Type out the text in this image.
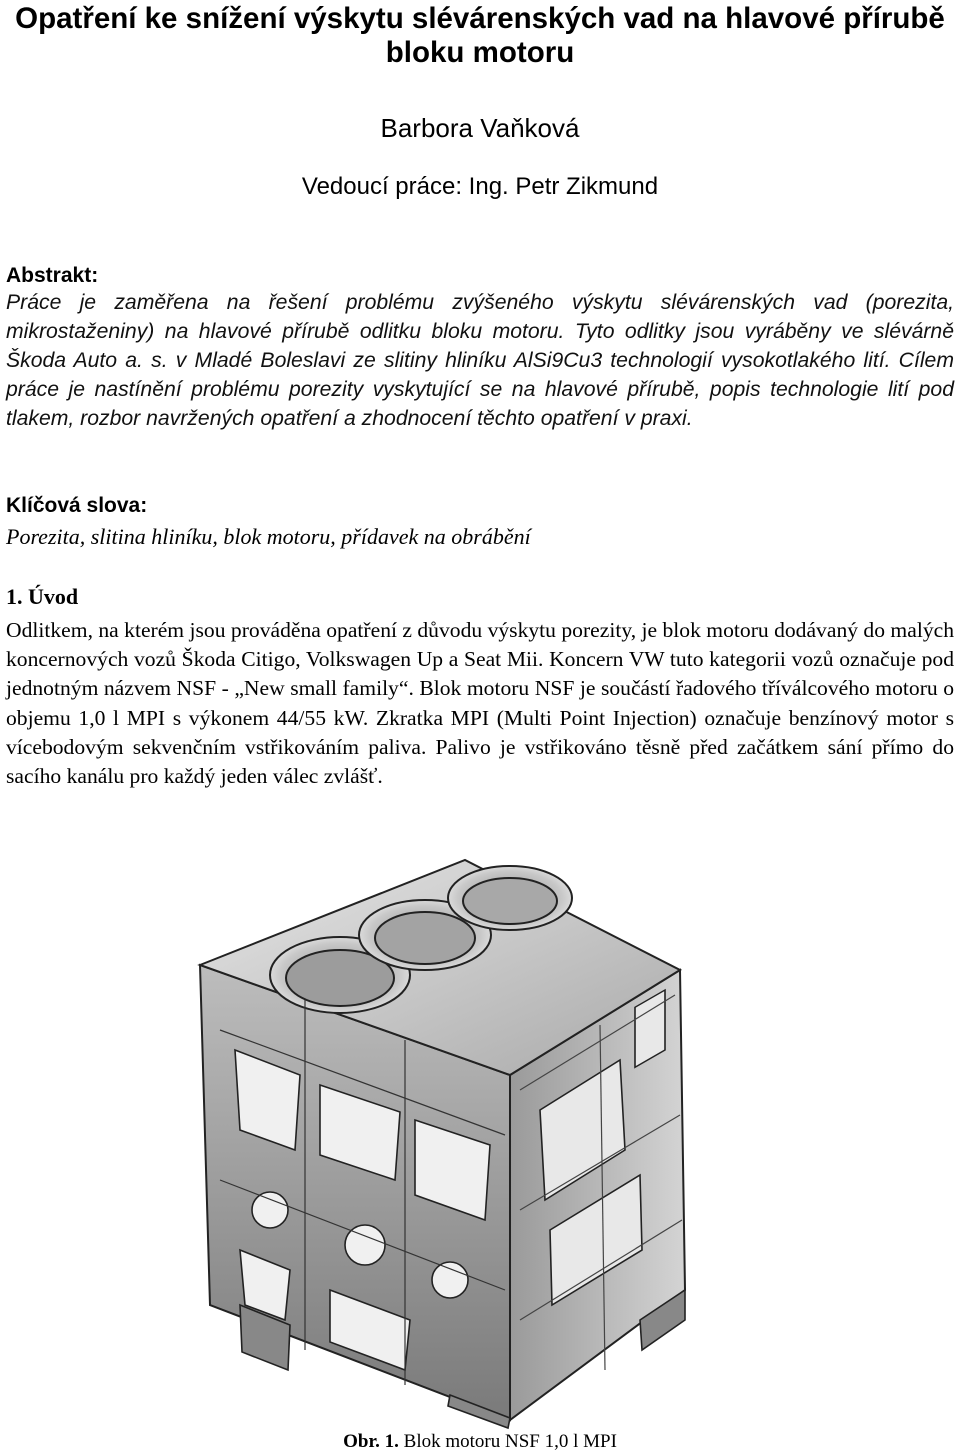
Opatření ke snížení výskytu slévárenských vad na hlavové přírubě
bloku motoru
Barbora Vaňková
Vedoucí práce: Ing. Petr Zikmund
Abstrakt:
Práce je zaměřena na řešení problému zvýšeného výskytu slévárenských vad (porezita, mikrostaženiny) na hlavové přírubě odlitku bloku motoru. Tyto odlitky jsou vyráběny ve slévárně Škoda Auto a. s. v Mladé Boleslavi ze slitiny hliníku AlSi9Cu3 technologií vysokotlakého lití. Cílem práce je nastínění problému porezity vyskytující se na hlavové přírubě, popis technologie lití pod tlakem, rozbor navržených opatření a zhodnocení těchto opatření v praxi.
Klíčová slova:
Porezita, slitina hliníku, blok motoru, přídavek na obrábění
1. Úvod
Odlitkem, na kterém jsou prováděna opatření z důvodu výskytu porezity, je blok motoru dodávaný do malých koncernových vozů Škoda Citigo, Volkswagen Up a Seat Mii. Koncern VW tuto kategorii vozů označuje pod jednotným názvem NSF - „New small family“. Blok motoru NSF je součástí řadového tříválcového motoru o objemu 1,0 l MPI s výkonem 44/55 kW. Zkratka MPI (Multi Point Injection) označuje benzínový motor s vícebodovým sekvenčním vstřikováním paliva. Palivo je vstřikováno těsně před začátkem sání přímo do sacího kanálu pro každý jeden válec zvlášť.
Obr. 1. Blok motoru NSF 1,0 l MPI
